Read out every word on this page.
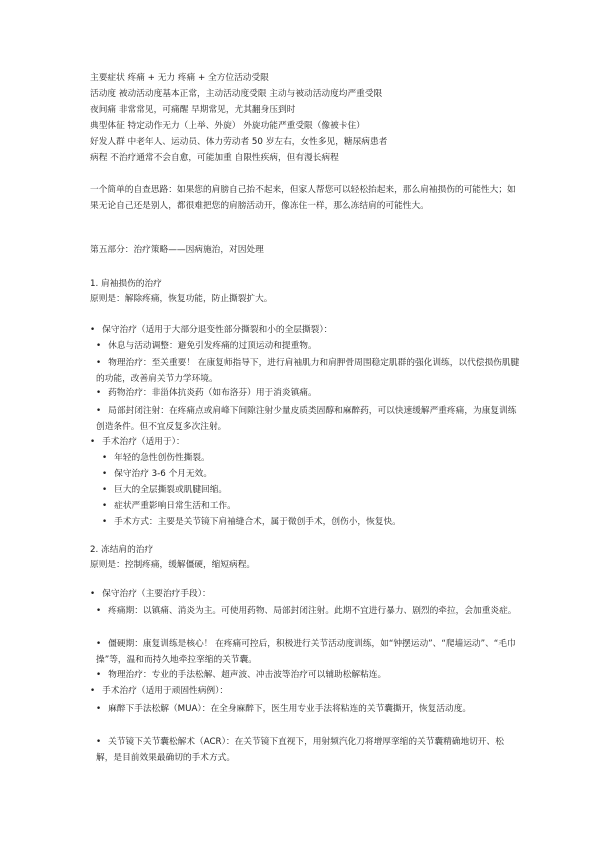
主要症状 疼痛 + 无力 疼痛 + 全方位活动受限
活动度 被动活动度基本正常，主动活动度受限 主动与被动活动度均严重受限
夜间痛 非常常见，可痛醒 早期常见，尤其翻身压到时
典型体征 特定动作无力（上举、外旋） 外旋功能严重受限（像被卡住）
好发人群 中老年人、运动员、体力劳动者 50 岁左右，女性多见，糖尿病患者
病程 不治疗通常不会自愈，可能加重 自限性疾病，但有漫长病程
一个简单的自查思路：如果您的肩膀自己抬不起来，但家人帮您可以轻松抬起来，那么肩袖损伤的可能性大；如果无论自己还是别人，都很难把您的肩膀活动开，像冻住一样，那么冻结肩的可能性大。
第五部分：治疗策略——因病施治，对因处理
1. 肩袖损伤的治疗
原则是：解除疼痛，恢复功能，防止撕裂扩大。
• 保守治疗（适用于大部分退变性部分撕裂和小的全层撕裂）：
• 休息与活动调整：避免引发疼痛的过顶运动和提重物。
• 物理治疗：至关重要！ 在康复师指导下，进行肩袖肌力和肩胛骨周围稳定肌群的强化训练，以代偿损伤肌腱的功能，改善肩关节力学环境。
• 药物治疗：非甾体抗炎药（如布洛芬）用于消炎镇痛。
• 局部封闭注射：在疼痛点或肩峰下间隙注射少量皮质类固醇和麻醉药，可以快速缓解严重疼痛，为康复训练创造条件。但不宜反复多次注射。
• 手术治疗（适用于）：
• 年轻的急性创伤性撕裂。
• 保守治疗 3-6 个月无效。
• 巨大的全层撕裂或肌腱回缩。
• 症状严重影响日常生活和工作。
• 手术方式：主要是关节镜下肩袖缝合术，属于微创手术，创伤小，恢复快。
2. 冻结肩的治疗
原则是：控制疼痛，缓解僵硬，缩短病程。
• 保守治疗（主要治疗手段）：
• 疼痛期：以镇痛、消炎为主。可使用药物、局部封闭注射。此期不宜进行暴力、剧烈的牵拉，会加重炎症。
• 僵硬期：康复训练是核心！ 在疼痛可控后，积极进行关节活动度训练，如“钟摆运动”、“爬墙运动”、“毛巾操”等，温和而持久地牵拉挛缩的关节囊。
• 物理治疗：专业的手法松解、超声波、冲击波等治疗可以辅助松解粘连。
• 手术治疗（适用于顽固性病例）：
• 麻醉下手法松解（MUA）：在全身麻醉下，医生用专业手法将粘连的关节囊撕开，恢复活动度。
• 关节镜下关节囊松解术（ACR）：在关节镜下直视下，用射频汽化刀将增厚挛缩的关节囊精确地切开、松解，是目前效果最确切的手术方式。
